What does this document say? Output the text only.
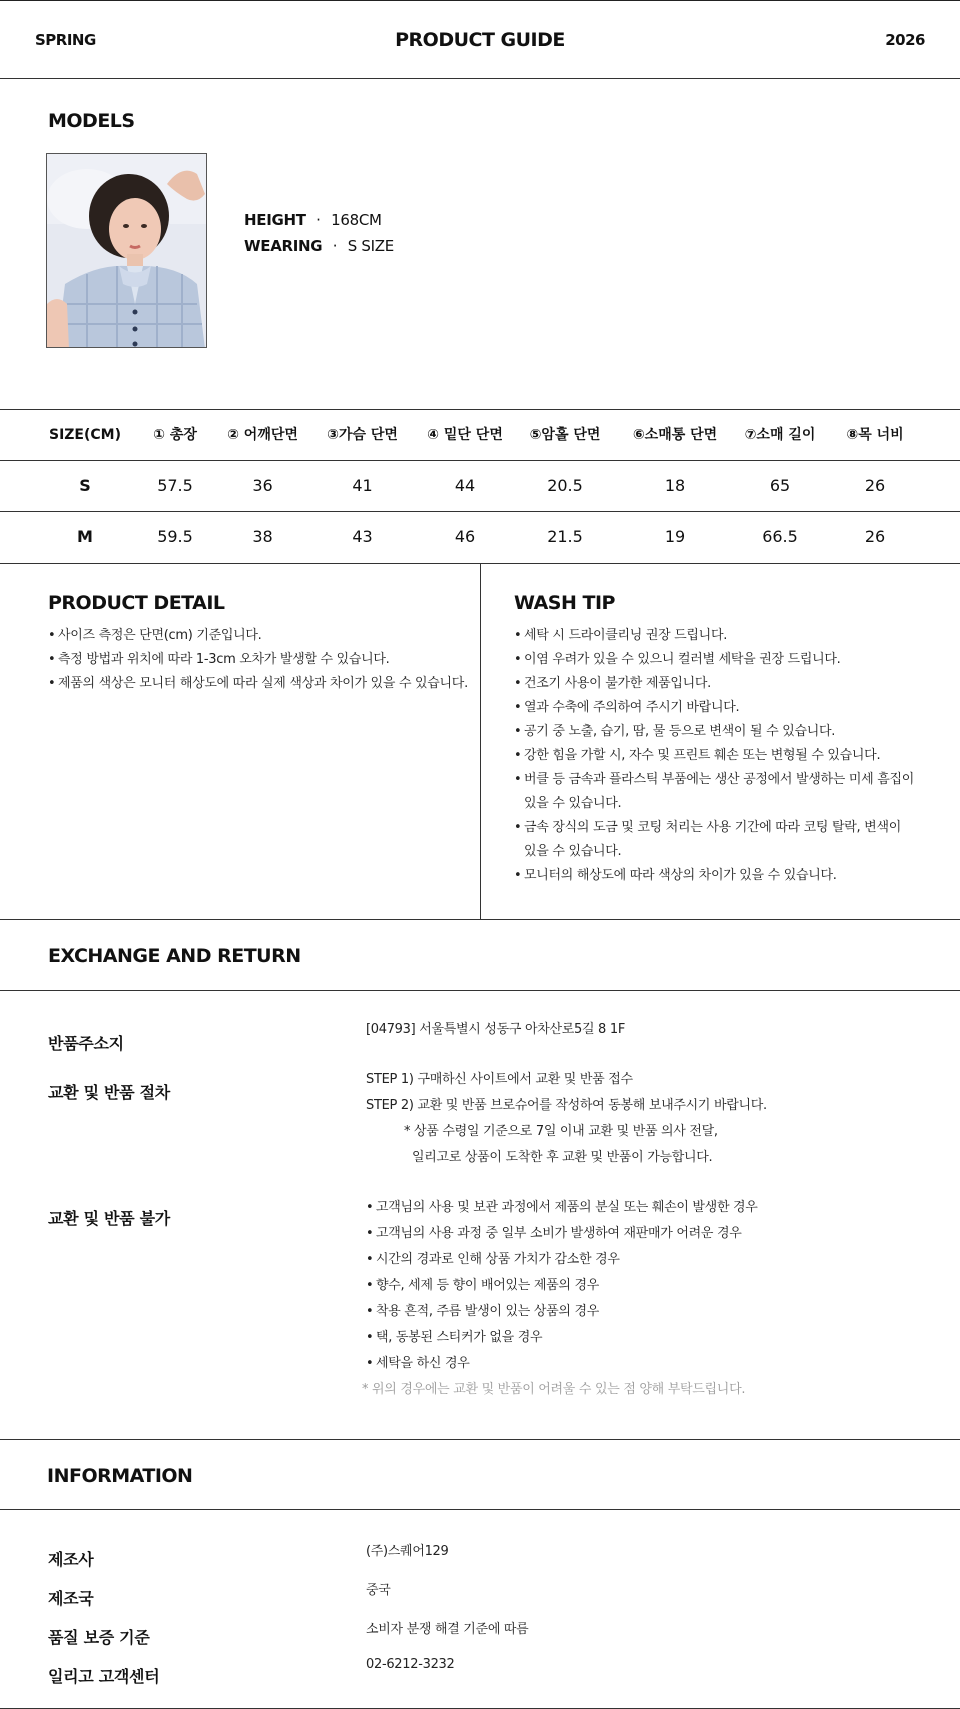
SPRING	PRODUCT GUIDE	2026
MODELS
HEIGHT · 168CM
WEARING · S SIZE
SIZE(CM)	① 총장	② 어깨단면	③가슴 단면	④ 밑단 단면	⑤암홀 단면	⑥소매통 단면	⑦소매 길이	⑧목 너비
S	57.5	36	41	44	20.5	18	65	26
M	59.5	38	43	46	21.5	19	66.5	26
PRODUCT DETAIL
• 사이즈 측정은 단면(cm) 기준입니다.
• 측정 방법과 위치에 따라 1-3cm 오차가 발생할 수 있습니다.
• 제품의 색상은 모니터 해상도에 따라 실제 색상과 차이가 있을 수 있습니다.
WASH TIP
• 세탁 시 드라이클리닝 권장 드립니다.
• 이염 우려가 있을 수 있으니 컬러별 세탁을 권장 드립니다.
• 건조기 사용이 불가한 제품입니다.
• 열과 수축에 주의하여 주시기 바랍니다.
• 공기 중 노출, 습기, 땀, 물 등으로 변색이 될 수 있습니다.
• 강한 힘을 가할 시, 자수 및 프린트 훼손 또는 변형될 수 있습니다.
• 버클 등 금속과 플라스틱 부품에는 생산 공정에서 발생하는 미세 흠집이
있을 수 있습니다.
• 금속 장식의 도금 및 코팅 처리는 사용 기간에 따라 코팅 탈락, 변색이
있을 수 있습니다.
• 모니터의 해상도에 따라 색상의 차이가 있을 수 있습니다.
EXCHANGE AND RETURN
반품주소지
[04793] 서울특별시 성동구 아차산로5길 8 1F
교환 및 반품 절차
STEP 1) 구매하신 사이트에서 교환 및 반품 접수
STEP 2) 교환 및 반품 브로슈어를 작성하여 동봉해 보내주시기 바랍니다.
* 상품 수령일 기준으로 7일 이내 교환 및 반품 의사 전달,
일리고로 상품이 도착한 후 교환 및 반품이 가능합니다.
교환 및 반품 불가
• 고객님의 사용 및 보관 과정에서 제품의 분실 또는 훼손이 발생한 경우
• 고객님의 사용 과정 중 일부 소비가 발생하여 재판매가 어려운 경우
• 시간의 경과로 인해 상품 가치가 감소한 경우
• 향수, 세제 등 향이 배어있는 제품의 경우
• 착용 흔적, 주름 발생이 있는 상품의 경우
• 택, 동봉된 스티커가 없을 경우
• 세탁을 하신 경우
* 위의 경우에는 교환 및 반품이 어려울 수 있는 점 양해 부탁드립니다.
INFORMATION
제조사	(주)스퀘어129
제조국	중국
품질 보증 기준	소비자 분쟁 해결 기준에 따름
일리고 고객센터
02-6212-3232
